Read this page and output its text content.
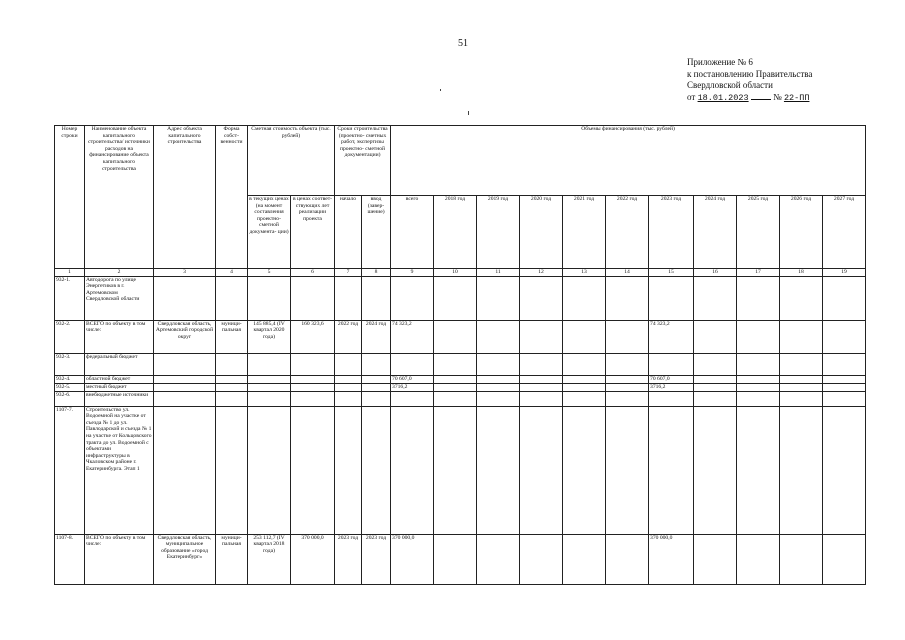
51
Приложение № 6
к постановлению Правительства
Свердловской области
от 18.01.2023	№ 22-ПП
Номер строки	Наименование объекта капитального строительства/ источники расходов на финансирование объекта капитального строительства	Адрес объекта капитального строительства	Форма собст- венности	Сметная стоимость объекта (тыс. рублей)		Сроки строительства (проектно- сметных работ, экспертизы проектно- сметной документации)		Объемы финансирования (тыс. рублей)										
				в текущих ценах (на момент составления проектно- сметной документа- ции)	в ценах соответ- ствующих лет реализации проекта	начало	ввод (завер- шение)	всего	2018 год	2019 год	2020 год	2021 год	2022 год	2023 год	2024 год	2025 год	2026 год	2027 год
1	2	3	4	5	6	7	8	9	10	11	12	13	14	15	16	17	18	19
932-1.	Автодорога по улице Энергетиков в г. Артемовском Свердловской области																	
932-2.	ВСЕГО по объекту в том числе:	Свердловская область, Артемовский городской округ	муници- пальная	145 885,4 (IV квартал 2020 года)	160 323,6	2022 год	2024 год	74 323,2						74 323,2				
932-3.	федеральный бюджет																	
932-4.	областной бюджет							70 607,0						70 607,0				
932-5.	местный бюджет							3716,2						3716,2				
932-6.	внебюджетные источники																	
1107-7.	Строительство ул. Водоемной на участке от съезда № 1 до ул. Павлодарской и съезда № 1 на участке от Кольцовского тракта до ул. Водоемной с объектами инфраструктуры в Чкаловском районе г. Екатеринбурга. Этап 1																	
1107-8.	ВСЕГО по объекту в том числе:	Свердловская область, муниципальное образование «город Екатеринбург»	муници- пальная	253 112,7 (IV квартал 2018 года)	370 000,0	2023 год	2023 год	370 000,0						370 000,0				
